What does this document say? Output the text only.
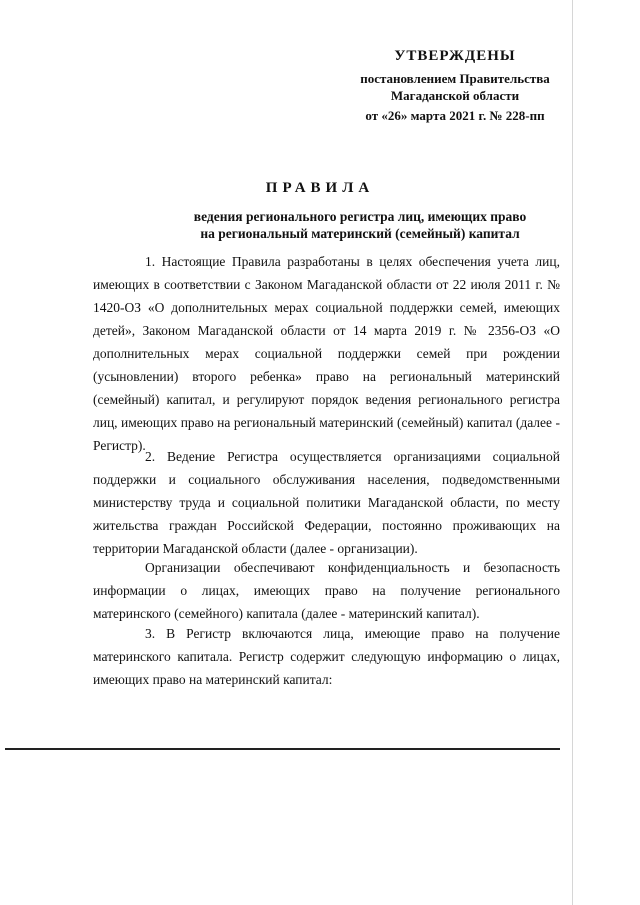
УТВЕРЖДЕНЫ
постановлением Правительства
Магаданской области
от «26» марта 2021 г. № 228-пп
ПРАВИЛА
ведения регионального регистра лиц, имеющих право
на региональный материнский (семейный) капитал

1. Настоящие Правила разработаны в целях обеспечения учета лиц, имеющих в соответствии с Законом Магаданской области от 22 июля 2011 г. № 1420-ОЗ «О дополнительных мерах социальной поддержки семей, имеющих детей», Законом Магаданской области от 14 марта 2019 г. № 2356-ОЗ «О дополнительных мерах социальной поддержки семей при рождении (усыновлении) второго ребенка» право на региональный материнский (семейный) капитал, и регулируют порядок ведения регионального регистра лиц, имеющих право на региональный материнский (семейный) капитал (далее - Регистр).

2. Ведение Регистра осуществляется организациями социальной поддержки и социального обслуживания населения, подведомственными министерству труда и социальной политики Магаданской области, по месту жительства граждан Российской Федерации, постоянно проживающих на территории Магаданской области (далее - организации).

Организации обеспечивают конфиденциальность и безопасность информации о лицах, имеющих право на получение регионального материнского (семейного) капитала (далее - материнский капитал).

3. В Регистр включаются лица, имеющие право на получение материнского капитала. Регистр содержит следующую информацию о лицах, имеющих право на материнский капитал:
